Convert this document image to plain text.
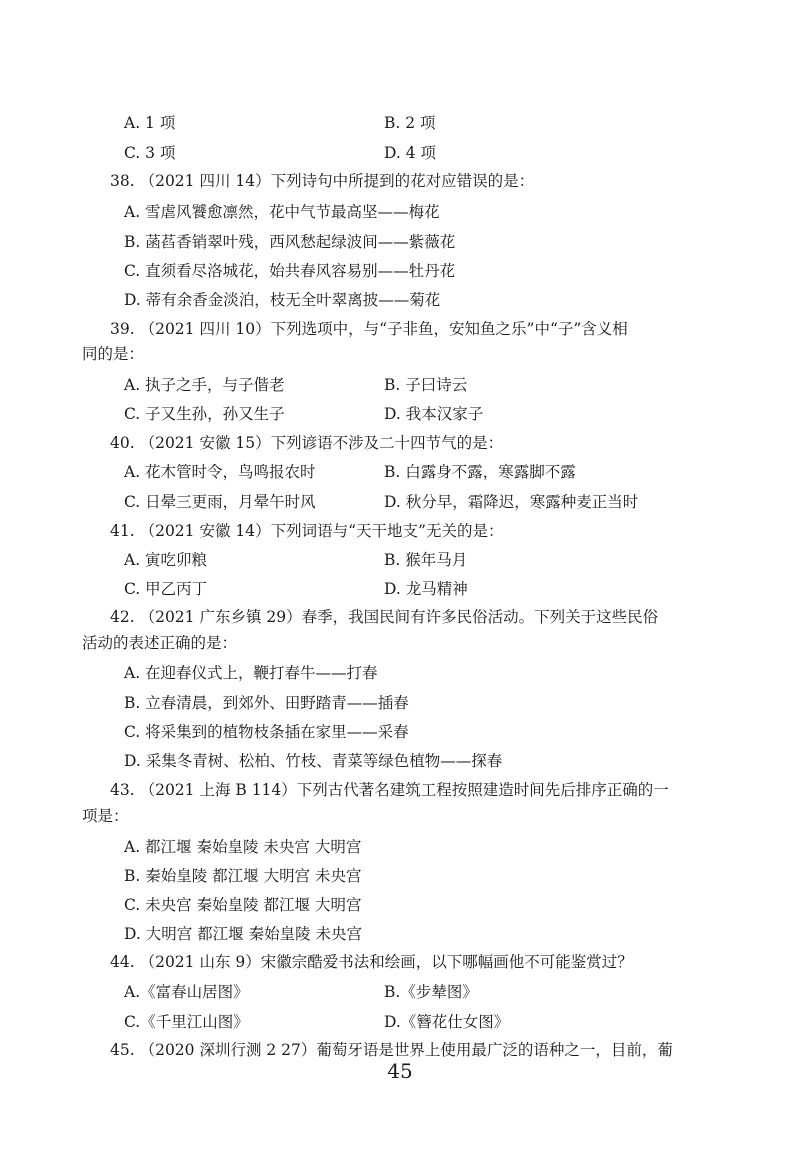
A. 1 项	B. 2 项
C. 3 项	D. 4 项
38. （2021 四川 14）下列诗句中所提到的花对应错误的是：
A. 雪虐风饕愈凛然，花中气节最高坚——梅花
B. 菡萏香销翠叶残，西风愁起绿波间——紫薇花
C. 直须看尽洛城花，始共春风容易别——牡丹花
D. 蒂有余香金淡泊，枝无全叶翠离披——菊花
39. （2021 四川 10）下列选项中，与“子非鱼，安知鱼之乐”中“子”含义相
同的是：
A. 执子之手，与子偕老	B. 子曰诗云
C. 子又生孙，孙又生子	D. 我本汉家子
40. （2021 安徽 15）下列谚语不涉及二十四节气的是：
A. 花木管时令，鸟鸣报农时	B. 白露身不露，寒露脚不露
C. 日晕三更雨，月晕午时风	D. 秋分早，霜降迟，寒露种麦正当时
41. （2021 安徽 14）下列词语与“天干地支”无关的是：
A. 寅吃卯粮	B. 猴年马月
C. 甲乙丙丁	D. 龙马精神
42. （2021 广东乡镇 29）春季，我国民间有许多民俗活动。下列关于这些民俗
活动的表述正确的是：
A. 在迎春仪式上，鞭打春牛——打春
B. 立春清晨，到郊外、田野踏青——插春
C. 将采集到的植物枝条插在家里——采春
D. 采集冬青树、松柏、竹枝、青菜等绿色植物——探春
43. （2021 上海 B 114）下列古代著名建筑工程按照建造时间先后排序正确的一
项是：
A. 都江堰 秦始皇陵 未央宫 大明宫
B. 秦始皇陵 都江堰 大明宫 未央宫
C. 未央宫 秦始皇陵 都江堰 大明宫
D. 大明宫 都江堰 秦始皇陵 未央宫
44. （2021 山东 9）宋徽宗酷爱书法和绘画，以下哪幅画他不可能鉴赏过？
A.《富春山居图》	B.《步辇图》
C.《千里江山图》	D.《簪花仕女图》
45. （2020 深圳行测 2 27）葡萄牙语是世界上使用最广泛的语种之一，目前，葡
45
